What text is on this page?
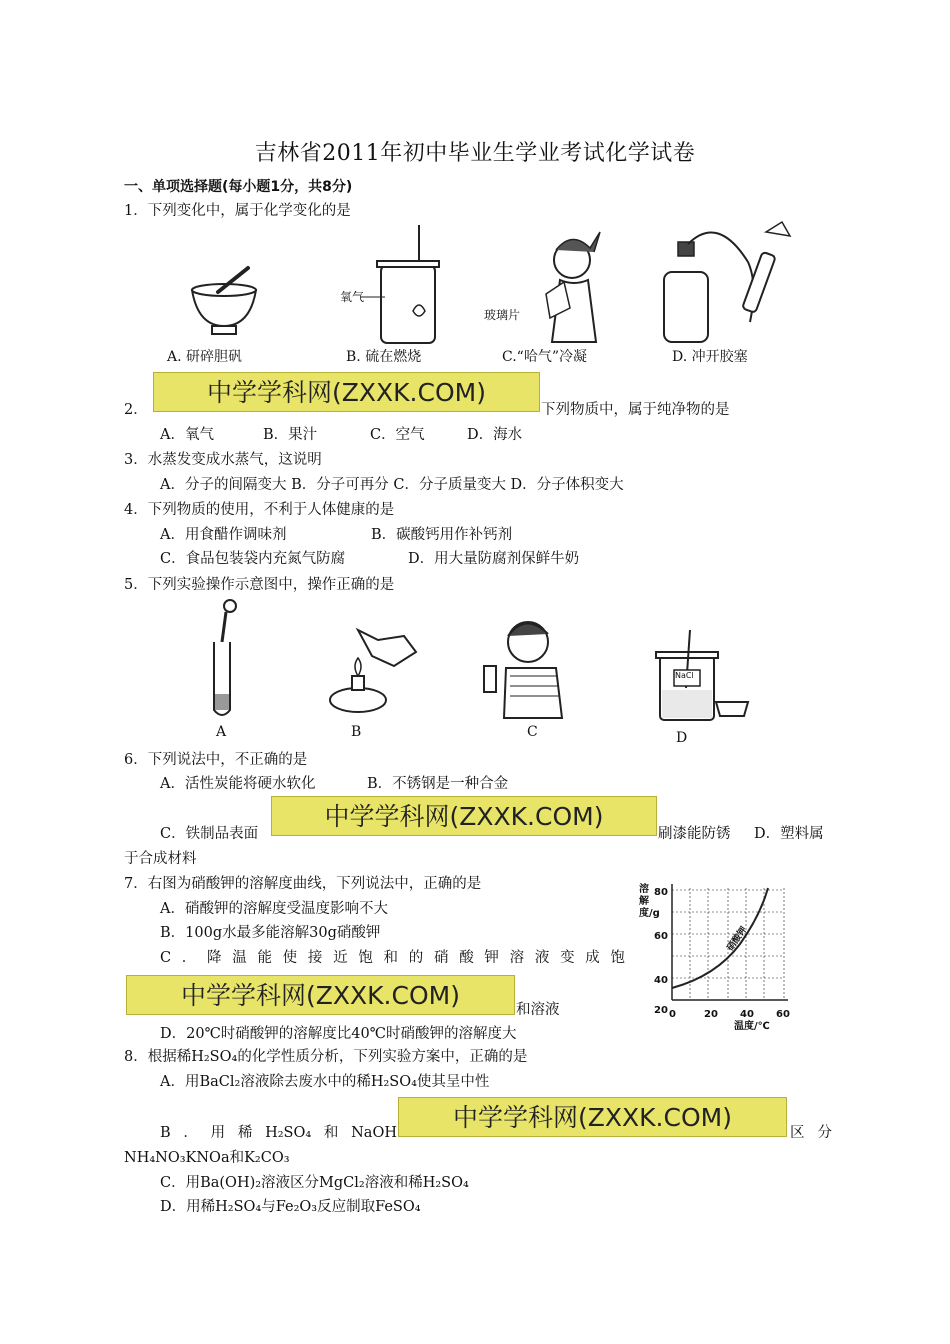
吉林省2011年初中毕业生学业考试化学试卷
一、单项选择题(每小题1分，共8分)
1．下列变化中，属于化学变化的是
A. 研碎胆矾
氧气
B. 硫在燃烧
玻璃片
C.“哈气”冷凝	D. 冲开胶塞
2．
中学学科网(ZXXK.COM)
下列物质中，属于纯净物的是
A．氧气	B．果汁	C．空气	D．海水
3．水蒸发变成水蒸气，这说明
A．分子的间隔变大 B．分子可再分 C．分子质量变大 D．分子体积变大
4．下列物质的使用，不利于人体健康的是
A．用食醋作调味剂	B．碳酸钙用作补钙剂
C．食品包装袋内充氮气防腐	D．用大量防腐剂保鲜牛奶
5．下列实验操作示意图中，操作正确的是
A	B	C
NaCl
D
6．下列说法中，不正确的是
A．活性炭能将硬水软化	B．不锈钢是一种合金
C．铁制品表面
中学学科网(ZXXK.COM)
刷漆能防锈 D．塑料属
于合成材料
7．右图为硝酸钾的溶解度曲线，下列说法中，正确的是
A．硝酸钾的溶解度受温度影响不大
B．100g水最多能溶解30g硝酸钾
C．降温能使接近饱和的硝酸钾溶液变成饱
中学学科网(ZXXK.COM)	和溶液
D．20℃时硝酸钾的溶解度比40℃时硝酸钾的溶解度大
溶解度/g
80
60
40
20 0	20 40 60
温度/℃
硝酸钾
8．根据稀H₂SO₄的化学性质分析，下列实验方案中，正确的是
A．用BaCl₂溶液除去废水中的稀H₂SO₄使其呈中性
B．用稀H₂SO₄和NaOH
中学学科网(ZXXK.COM)
区分
NH₄NO₃KNOa和K₂CO₃
C．用Ba(OH)₂溶液区分MgCl₂溶液和稀H₂SO₄
D．用稀H₂SO₄与Fe₂O₃反应制取FeSO₄
